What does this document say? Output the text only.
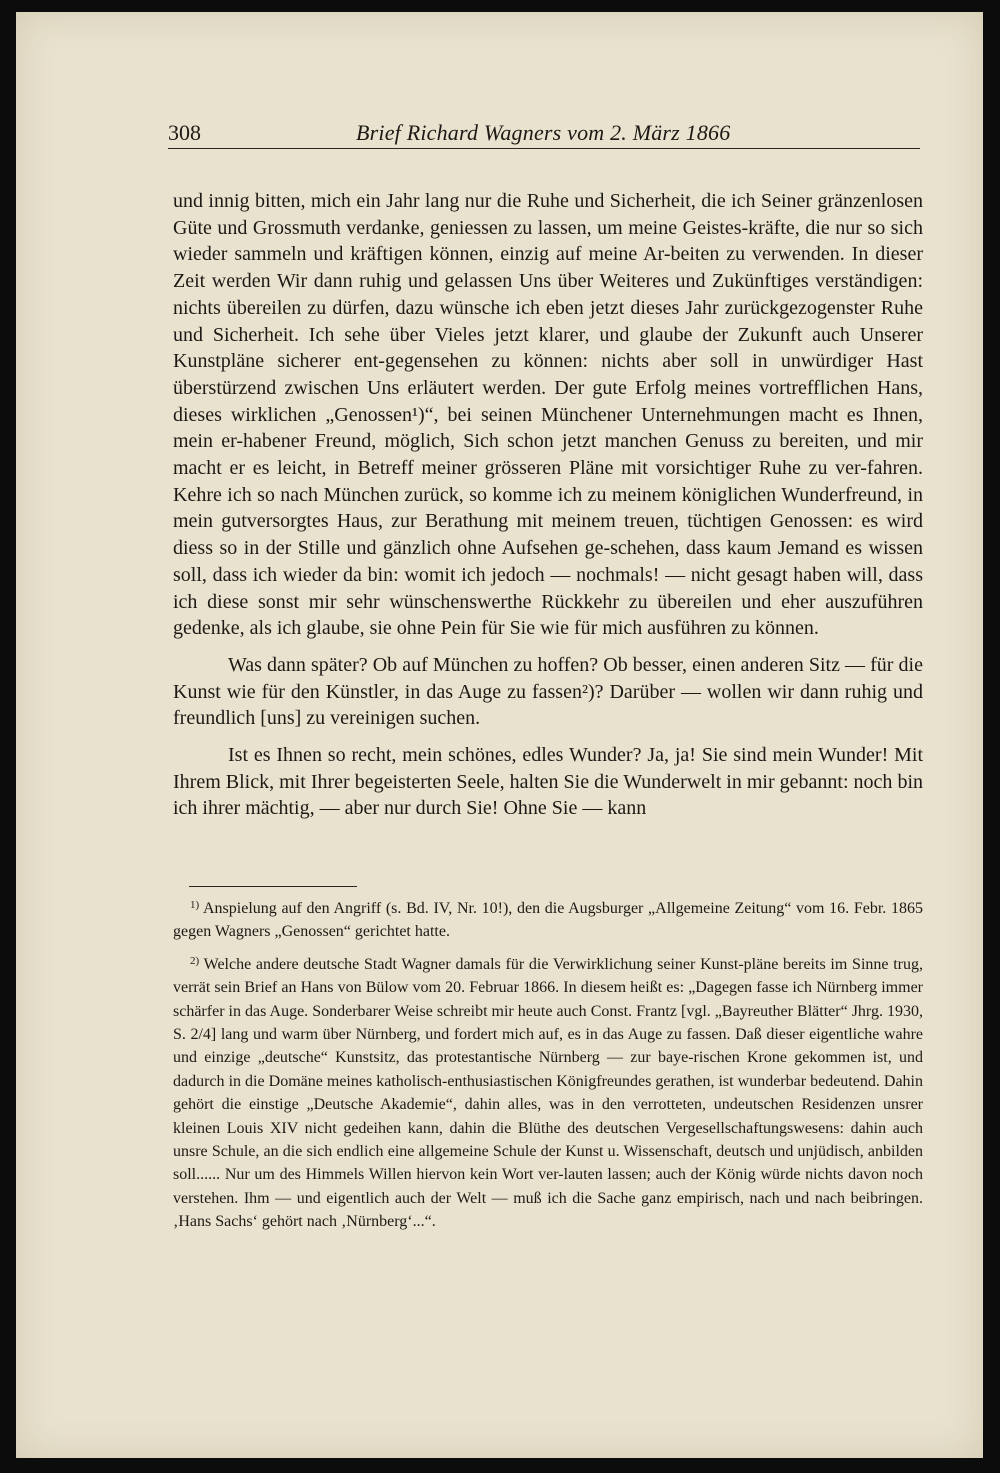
308	Brief Richard Wagners vom 2. März 1866

und innig bitten, mich ein Jahr lang nur die Ruhe und Sicherheit, die ich Seiner gränzenlosen Güte und Grossmuth verdanke, geniessen zu lassen, um meine Geistes-kräfte, die nur so sich wieder sammeln und kräftigen können, einzig auf meine Ar-beiten zu verwenden. In dieser Zeit werden Wir dann ruhig und gelassen Uns über Weiteres und Zukünftiges verständigen: nichts übereilen zu dürfen, dazu wünsche ich eben jetzt dieses Jahr zurückgezogenster Ruhe und Sicherheit. Ich sehe über Vieles jetzt klarer, und glaube der Zukunft auch Unserer Kunstpläne sicherer ent-gegensehen zu können: nichts aber soll in unwürdiger Hast überstürzend zwischen Uns erläutert werden. Der gute Erfolg meines vortrefflichen Hans, dieses wirklichen „Genossen¹)“, bei seinen Münchener Unternehmungen macht es Ihnen, mein er-habener Freund, möglich, Sich schon jetzt manchen Genuss zu bereiten, und mir macht er es leicht, in Betreff meiner grösseren Pläne mit vorsichtiger Ruhe zu ver-fahren. Kehre ich so nach München zurück, so komme ich zu meinem königlichen Wunderfreund, in mein gutversorgtes Haus, zur Berathung mit meinem treuen, tüchtigen Genossen: es wird diess so in der Stille und gänzlich ohne Aufsehen ge-schehen, dass kaum Jemand es wissen soll, dass ich wieder da bin: womit ich jedoch — nochmals! — nicht gesagt haben will, dass ich diese sonst mir sehr wünschenswerthe Rückkehr zu übereilen und eher auszuführen gedenke, als ich glaube, sie ohne Pein für Sie wie für mich ausführen zu können.

Was dann später? Ob auf München zu hoffen? Ob besser, einen anderen Sitz — für die Kunst wie für den Künstler, in das Auge zu fassen²)? Darüber — wollen wir dann ruhig und freundlich [uns] zu vereinigen suchen.

Ist es Ihnen so recht, mein schönes, edles Wunder? Ja, ja! Sie sind mein Wunder! Mit Ihrem Blick, mit Ihrer begeisterten Seele, halten Sie die Wunderwelt in mir gebannt: noch bin ich ihrer mächtig, — aber nur durch Sie! Ohne Sie — kann

$^{1)}$ Anspielung auf den Angriff (s. Bd. IV, Nr. 10!), den die Augsburger „Allgemeine Zeitung“ vom 16. Febr. 1865 gegen Wagners „Genossen“ gerichtet hatte.

$^{2)}$ Welche andere deutsche Stadt Wagner damals für die Verwirklichung seiner Kunst-pläne bereits im Sinne trug, verrät sein Brief an Hans von Bülow vom 20. Februar 1866. In diesem heißt es: „Dagegen fasse ich Nürnberg immer schärfer in das Auge. Sonderbarer Weise schreibt mir heute auch Const. Frantz [vgl. „Bayreuther Blätter“ Jhrg. 1930, S. 2/4] lang und warm über Nürnberg, und fordert mich auf, es in das Auge zu fassen. Daß dieser eigentliche wahre und einzige „deutsche“ Kunstsitz, das protestantische Nürnberg — zur baye-rischen Krone gekommen ist, und dadurch in die Domäne meines katholisch-enthusiastischen Königfreundes gerathen, ist wunderbar bedeutend. Dahin gehört die einstige „Deutsche Akademie“, dahin alles, was in den verrotteten, undeutschen Residenzen unsrer kleinen Louis XIV nicht gedeihen kann, dahin die Blüthe des deutschen Vergesellschaftungswesens: dahin auch unsre Schule, an die sich endlich eine allgemeine Schule der Kunst u. Wissenschaft, deutsch und unjüdisch, anbilden soll...... Nur um des Himmels Willen hiervon kein Wort ver-lauten lassen; auch der König würde nichts davon noch verstehen. Ihm — und eigentlich auch der Welt — muß ich die Sache ganz empirisch, nach und nach beibringen. ‚Hans Sachs‘ gehört nach ‚Nürnberg‘...“.
